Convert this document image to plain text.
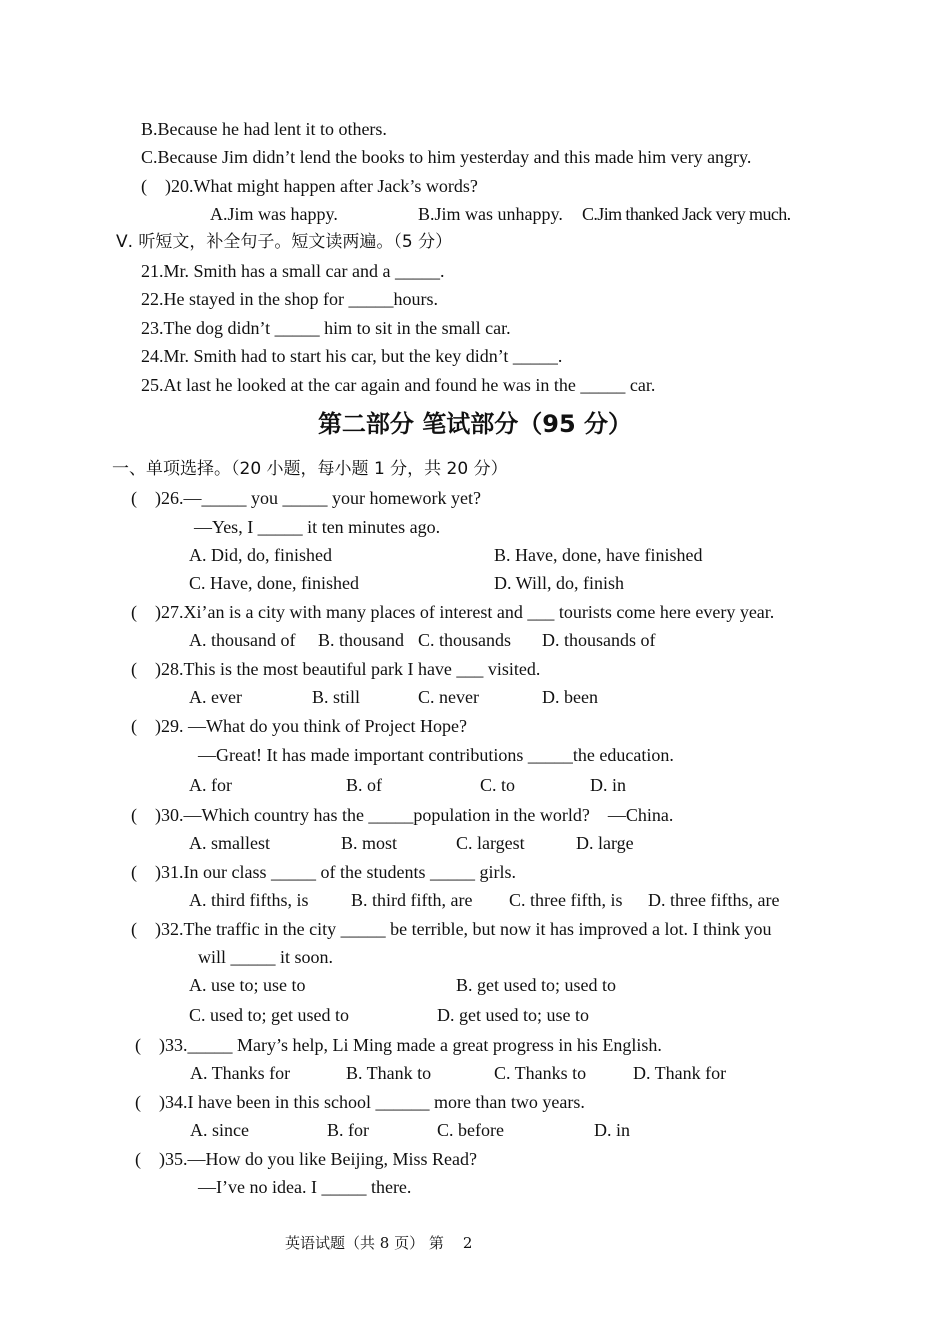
B.Because he had lent it to others.
C.Because Jim didn’t lend the books to him yesterday and this made him very angry.
(    )20.What might happen after Jack’s words?
A.Jim was happy.	B.Jim was unhappy. C.Jim thanked Jack very much.
Ⅴ. 听短文，补全句子。短文读两遍。（5 分）
21.Mr. Smith has a small car and a _____.
22.He stayed in the shop for _____hours.
23.The dog didn’t _____ him to sit in the small car.
24.Mr. Smith had to start his car, but the key didn’t _____.
25.At last he looked at the car again and found he was in the _____ car.
第二部分 笔试部分（95 分）
一、单项选择。（20 小题，每小题 1 分，共 20 分）
(    )26.—_____ you _____ your homework yet?
—Yes, I _____ it ten minutes ago.
A. Did, do, finished	B. Have, done, have finished
C. Have, done, finished	D. Will, do, finish
(    )27.Xi’an is a city with many places of interest and ___ tourists come here every year.
A. thousand of B. thousand C. thousands D. thousands of
(    )28.This is the most beautiful park I have ___ visited.
A. ever	B. still	C. never	D. been
(    )29. —What do you think of Project Hope?
—Great! It has made important contributions _____the education.
A. for	B. of	C. to	D. in
(    )30.—Which country has the _____population in the world?    —China.
A. smallest	B. most	C. largest	D. large
(    )31.In our class _____ of the students _____ girls.
A. third fifths, is B. third fifth, are C. three fifth, is D. three fifths, are
(    )32.The traffic in the city _____ be terrible, but now it has improved a lot. I think you
will _____ it soon.
A. use to; use to	B. get used to; used to
C. used to; get used to	D. get used to; use to
(    )33._____ Mary’s help, Li Ming made a great progress in his English.
A. Thanks for	B. Thank to	C. Thanks to	D. Thank for
(    )34.I have been in this school ______ more than two years.
A. since	B. for	C. before	D. in
(    )35.—How do you like Beijing, Miss Read?
—I’ve no idea. I _____ there.
英语试题（共 8 页） 第    2
